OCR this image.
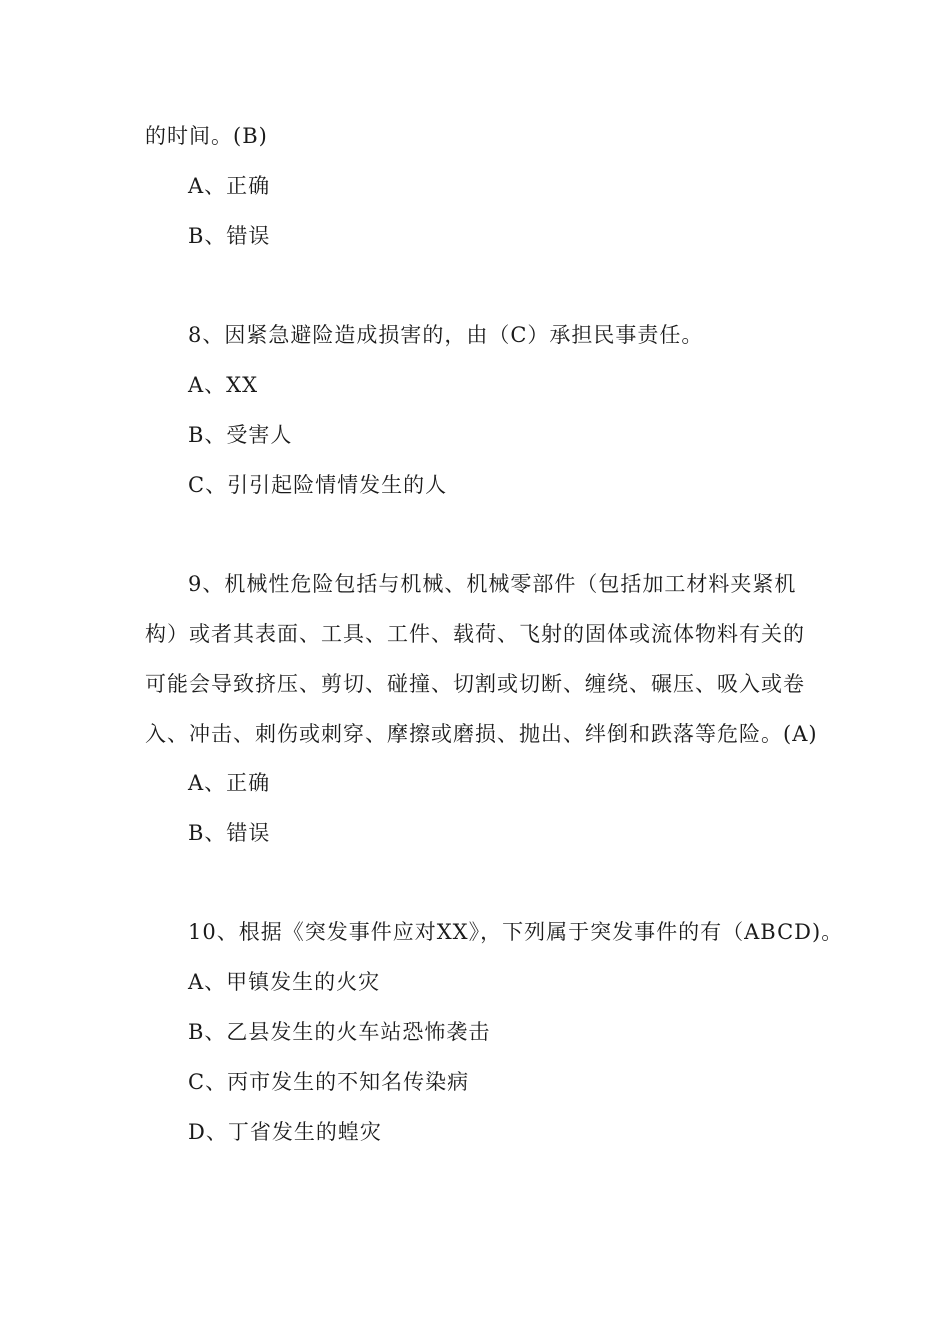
的时间。(B)
A、正确
B、错误
8、因紧急避险造成损害的，由（C）承担民事责任。
A、XX
B、受害人
C、引引起险情情发生的人
9、机械性危险包括与机械、机械零部件（包括加工材料夹紧机
构）或者其表面、工具、工件、载荷、飞射的固体或流体物料有关的
可能会导致挤压、剪切、碰撞、切割或切断、缠绕、碾压、吸入或卷
入、冲击、刺伤或刺穿、摩擦或磨损、抛出、绊倒和跌落等危险。(A)
A、正确
B、错误
10、根据《突发事件应对XX》，下列属于突发事件的有（ABCD)。
A、甲镇发生的火灾
B、乙县发生的火车站恐怖袭击
C、丙市发生的不知名传染病
D、丁省发生的蝗灾
